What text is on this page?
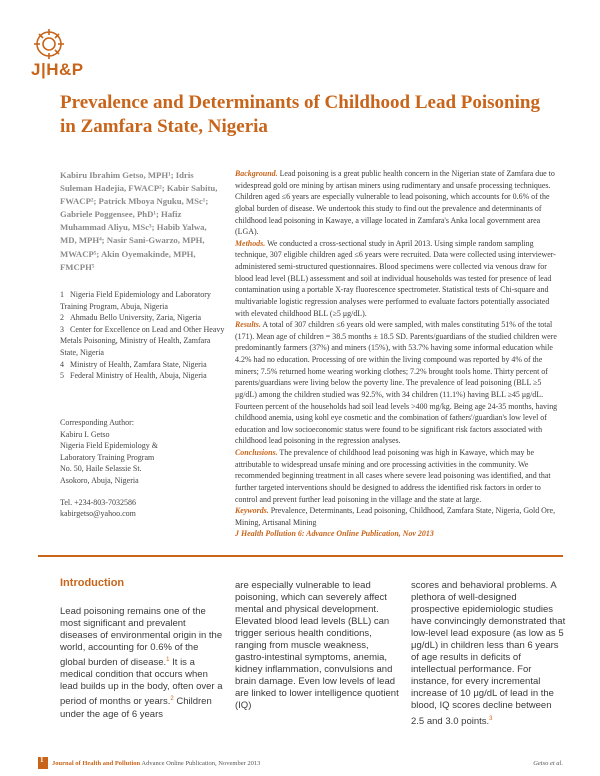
J|H&P
Prevalence and Determinants of Childhood Lead Poisoning in Zamfara State, Nigeria
Kabiru Ibrahim Getso, MPH¹; Idris Suleman Hadejia, FWACP²; Kabir Sabitu, FWACP²; Patrick Mboya Nguku, MSc¹; Gabriele Poggensee, PhD¹; Hafiz Muhammad Aliyu, MSc³; Habib Yalwa, MD, MPH⁴; Nasir Sani-Gwarzo, MPH, MWACP⁵; Akin Oyemakinde, MPH, FMCPH⁵
1 Nigeria Field Epidemiology and Laboratory Training Program, Abuja, Nigeria
2 Ahmadu Bello University, Zaria, Nigeria
3 Center for Excellence on Lead and Other Heavy Metals Poisoning, Ministry of Health, Zamfara State, Nigeria
4 Ministry of Health, Zamfara State, Nigeria
5 Federal Ministry of Health, Abuja, Nigeria

Corresponding Author:

Kabiru I. Getso

Nigeria Field Epidemiology &

Laboratory Training Program

No. 50, Haile Selassie St.

Asokoro, Abuja, Nigeria

Tel. +234-803-7032586

kabirgetso@yahoo.com

Background. Lead poisoning is a great public health concern in the Nigerian state of Zamfara due to widespread gold ore mining by artisan miners using rudimentary and unsafe processing techniques. Children aged ≤6 years are especially vulnerable to lead poisoning, which accounts for 0.6% of the global burden of disease. We undertook this study to find out the prevalence and determinants of childhood lead poisoning in Kawaye, a village located in Zamfara's Anka local government area (LGA).

Methods. We conducted a cross-sectional study in April 2013. Using simple random sampling technique, 307 eligible children aged ≤6 years were recruited. Data were collected using interviewer-administered semi-structured questionnaires. Blood specimens were collected via venous draw for blood lead level (BLL) assessment and soil at individual households was tested for presence of lead contamination using a portable X-ray fluorescence spectrometer. Statistical tests of Chi-square and multivariable logistic regression analyses were performed to evaluate factors potentially associated with elevated childhood BLL (≥5 μg/dL).

Results. A total of 307 children ≤6 years old were sampled, with males constituting 51% of the total (171). Mean age of children = 38.5 months ± 18.5 SD. Parents/guardians of the studied children were predominantly farmers (37%) and miners (15%), with 53.7% having some informal education while 4.2% had no education. Processing of ore within the living compound was reported by 4% of the miners; 7.5% returned home wearing working clothes; 7.2% brought tools home. Thirty percent of parents/guardians were living below the poverty line. The prevalence of lead poisoning (BLL ≥5 μg/dL) among the children studied was 92.5%, with 34 children (11.1%) having BLL ≥45 μg/dL. Fourteen percent of the households had soil lead levels >400 mg/kg. Being age 24-35 months, having childhood anemia, using kohl eye cosmetic and the combination of fathers'/guardian's low level of education and low socioeconomic status were found to be significant risk factors associated with childhood lead poisoning in the regression analyses.

Conclusions. The prevalence of childhood lead poisoning was high in Kawaye, which may be attributable to widespread unsafe mining and ore processing activities in the community. We recommended beginning treatment in all cases where severe lead poisoning was identified, and that further targeted interventions should be designed to address the identified risk factors in order to control and prevent further lead poisoning in the village and the state at large.

Keywords. Prevalence, Determinants, Lead poisoning, Childhood, Zamfara State, Nigeria, Gold Ore, Mining, Artisanal Mining

J Health Pollution 6: Advance Online Publication, Nov 2013

Introduction

Lead poisoning remains one of the most significant and prevalent diseases of environmental origin in the world, accounting for 0.6% of the global burden of disease.$^1$ It is a medical condition that occurs when lead builds up in the body, often over a period of months or years.$^2$ Children under the age of 6 years

are especially vulnerable to lead poisoning, which can severely affect mental and physical development. Elevated blood lead levels (BLL) can trigger serious health conditions, ranging from muscle weakness, gastro-intestinal symptoms, anemia, kidney inflammation, convulsions and brain damage. Even low levels of lead are linked to lower intelligence quotient (IQ)

scores and behavioral problems. A plethora of well-designed prospective epidemiologic studies have convincingly demonstrated that low-level lead exposure (as low as 5 μg/dL) in children less than 6 years of age results in deficits of intellectual performance. For instance, for every incremental increase of 10 μg/dL of lead in the blood, IQ scores decline between 2.5 and 3.0 points.$^3$

1 Journal of Health and Pollution Advance Online Publication, November 2013	Getso et al.
